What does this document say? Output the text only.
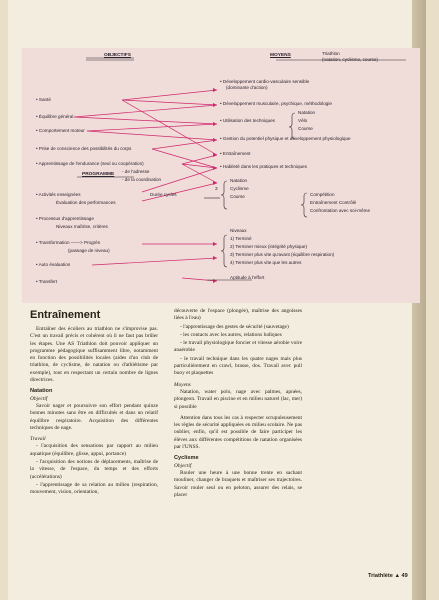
OBJECTIFS	MOYENS	Triathlon
(natation, cyclisme, course)
• Santé
• Équilibre général
• Comportement moteur
• Prise de conscience des possibilités du corps
• Apprentissage de l'endurance (seul ou coopération)
- de l'adresse
- de la coordination
• Développement cardio-vasculaire sensible
(dominante d'action)
• Développement musculaire, psychique, méthodologie
Natation
• Utilisation des techniques	Vélo
Course
• Gestion du potentiel physique et développement physiologique
• Entraînement
• Habileté dans les pratiques et techniques
Natation
Cyclisme
Course
3
PROGRAMME
• Activités enseignées
Évaluation des performances
Durée cycles
• Processus d'apprentissage
Niveaux maîtrise, critères
• Transformation ——> Progrès
(passage de niveau)
• Auto évaluation
• Transfert
Compétition
Entraînement Contrôlé
Confrontation avec soi-même
Niveaux
1) Terminé
2) Terminer mieux (intégrité physique)
3) Terminer plus vite qu'avant (équilibre respiration)
4) Terminer plus vite que les autres
Aptitude à l'effort
Entraînement

Entraîner des écoliers au triathlon ne s'improvise pas. C'est un travail précis et cohérent où il ne faut pas brûler les étapes. Une AS Triathlon doit pouvoir appliquer un programme pédagogique suffisamment libre, notamment en fonction des possibilités locales (aides d'un club de triathlon, de cyclisme, de natation ou d'athlétisme par exemple), tout en respectant un certain nombre de lignes directrices.

Natation
Objectif

Savoir nager et poursuivre son effort pendant quinze bonnes minutes sans être en difficultés et dans un relatif équilibre respiratoire. Acquisition des différentes techniques de nage.

Travail

- l'acquisition des sensations par rapport au milieu aquatique (équilibre, glisse, appui, portance)

- l'acquisition des notions de déplacements, maîtrise de la vitesse, de l'espace, du temps et des efforts (accélérations)

- l'apprentissage de sa relation au milieu (respiration, mouvement, vision, orientation,

découverte de l'espace (plongée), maîtrise des angoisses liées à l'eau)

- l'apprentissage des gestes de sécurité (sauvetage)

- les contacts avec les autres, relations ludiques

- le travail physiologique foncier et vitesse aérobie voire anaérobie

- le travail technique dans les quatre nages mais plus particulièrement en crawl, brasse, dos. Travail avec pull buoy et plaquettes

Moyens

Natation, water polo, nage avec palmes, apnées, plongeon. Travail en piscine et en milieu naturel (lac, mer) si possible

Attention dans tous les cas à respecter scrupuleusement les règles de sécurité appliquées en milieu scolaire. Ne pas oublier, enfin, qu'il est possible de faire participer les élèves aux différentes compétitions de natation organisées par l'UNSS.

Cyclisme
Objectif

Rouler une heure à une bonne trente en sachant mouliner, changer de braquets et maîtriser ses trajectoires. Savoir rouler seul ou en peloton, assurer des relais, se placer

Triathlète ▲ 49
